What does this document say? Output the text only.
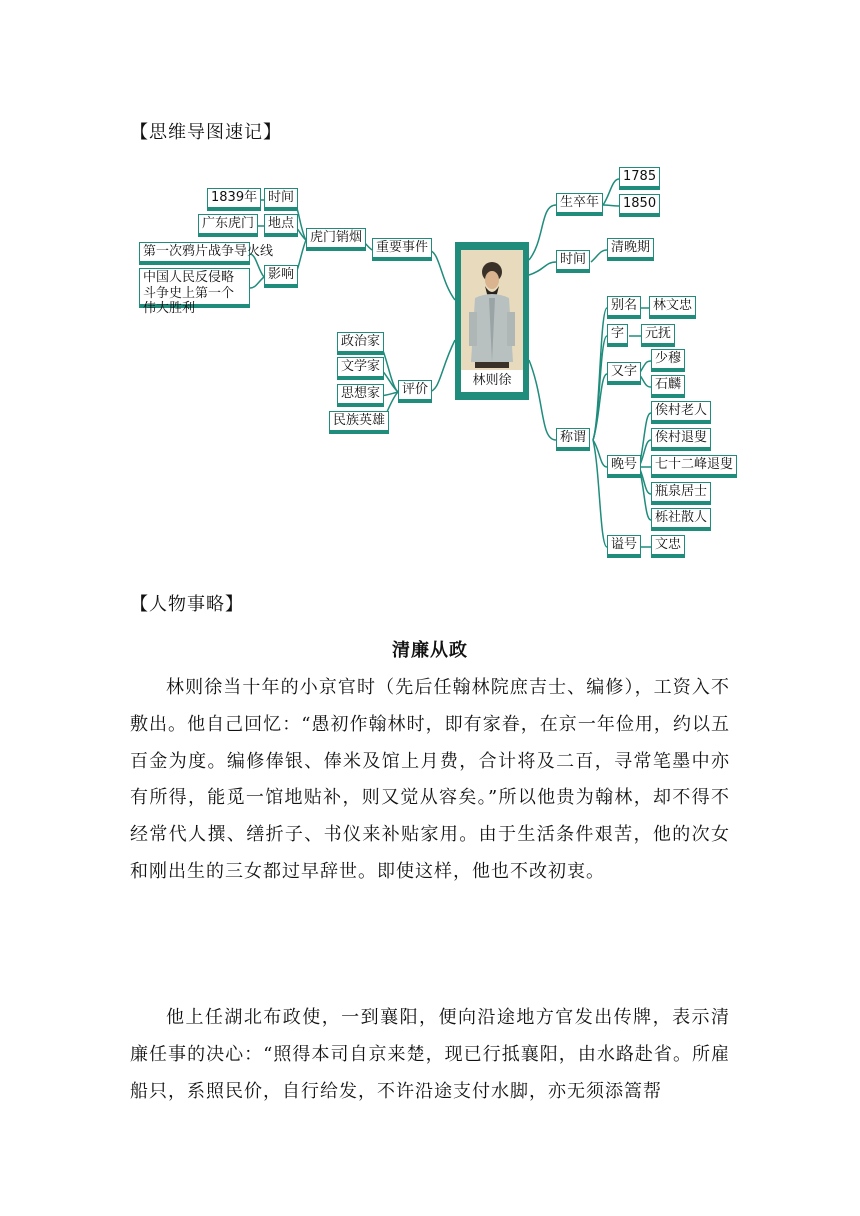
【思维导图速记】
林则徐
重要事件
虎门销烟
时间
1839年
地点
广东虎门
影响
第一次鸦片战争导火线
中国人民反侵略斗争史上第一个伟大胜利
评价
政治家
文学家
思想家
民族英雄
生卒年
1785
1850
时间
清晚期
称谓
别名	林文忠
字	元抚
又字
少穆
石麟
晚号
俟村老人
俟村退叟
七十二峰退叟
瓶泉居士
栎社散人
谥号	文忠
【人物事略】
清廉从政
林则徐当十年的小京官时（先后任翰林院庶吉士、编修），工资入不敷出。他自己回忆：“愚初作翰林时，即有家眷，在京一年俭用，约以五百金为度。编修俸银、俸米及馆上月费，合计将及二百，寻常笔墨中亦有所得，能觅一馆地贴补，则又觉从容矣。”所以他贵为翰林，却不得不经常代人撰、缮折子、书仪来补贴家用。由于生活条件艰苦，他的次女和刚出生的三女都过早辞世。即使这样，他也不改初衷。
他上任湖北布政使，一到襄阳，便向沿途地方官发出传牌，表示清廉任事的决心：“照得本司自京来楚，现已行抵襄阳，由水路赴省。所雇船只，系照民价，自行给发，不许沿途支付水脚，亦无须添篙帮
